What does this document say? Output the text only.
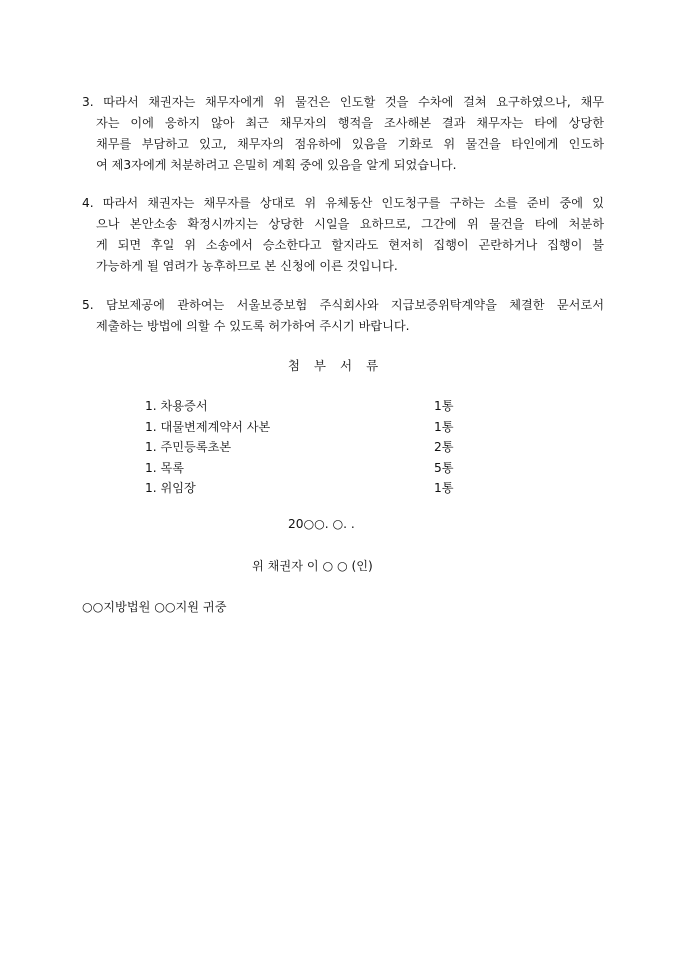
3. 따라서 채권자는 채무자에게 위 물건은 인도할 것을 수차에 걸쳐 요구하였으나, 채무
자는 이에 응하지 않아 최근 채무자의 행적을 조사해본 결과 채무자는 타에 상당한
채무를 부담하고 있고, 채무자의 점유하에 있음을 기화로 위 물건을 타인에게 인도하
여 제3자에게 처분하려고 은밀히 계획 중에 있음을 알게 되었습니다.
4. 따라서 채권자는 채무자를 상대로 위 유체동산 인도청구를 구하는 소를 준비 중에 있
으나 본안소송 확정시까지는 상당한 시일을 요하므로, 그간에 위 물건을 타에 처분하
게 되면 후일 위 소송에서 승소한다고 할지라도 현저히 집행이 곤란하거나 집행이 불
가능하게 될 염려가 농후하므로 본 신청에 이른 것입니다.
5. 담보제공에 관하여는 서울보증보험 주식회사와 지급보증위탁계약을 체결한 문서로서
제출하는 방법에 의할 수 있도록 허가하여 주시기 바랍니다.
첨부서류
1. 차용증서	1통
1. 대물변제계약서 사본	1통
1. 주민등록초본	2통
1. 목록	5통
1. 위임장	1통
20○○. ○. .
위 채권자 이 ○ ○ (인)
○○지방법원 ○○지원 귀중
